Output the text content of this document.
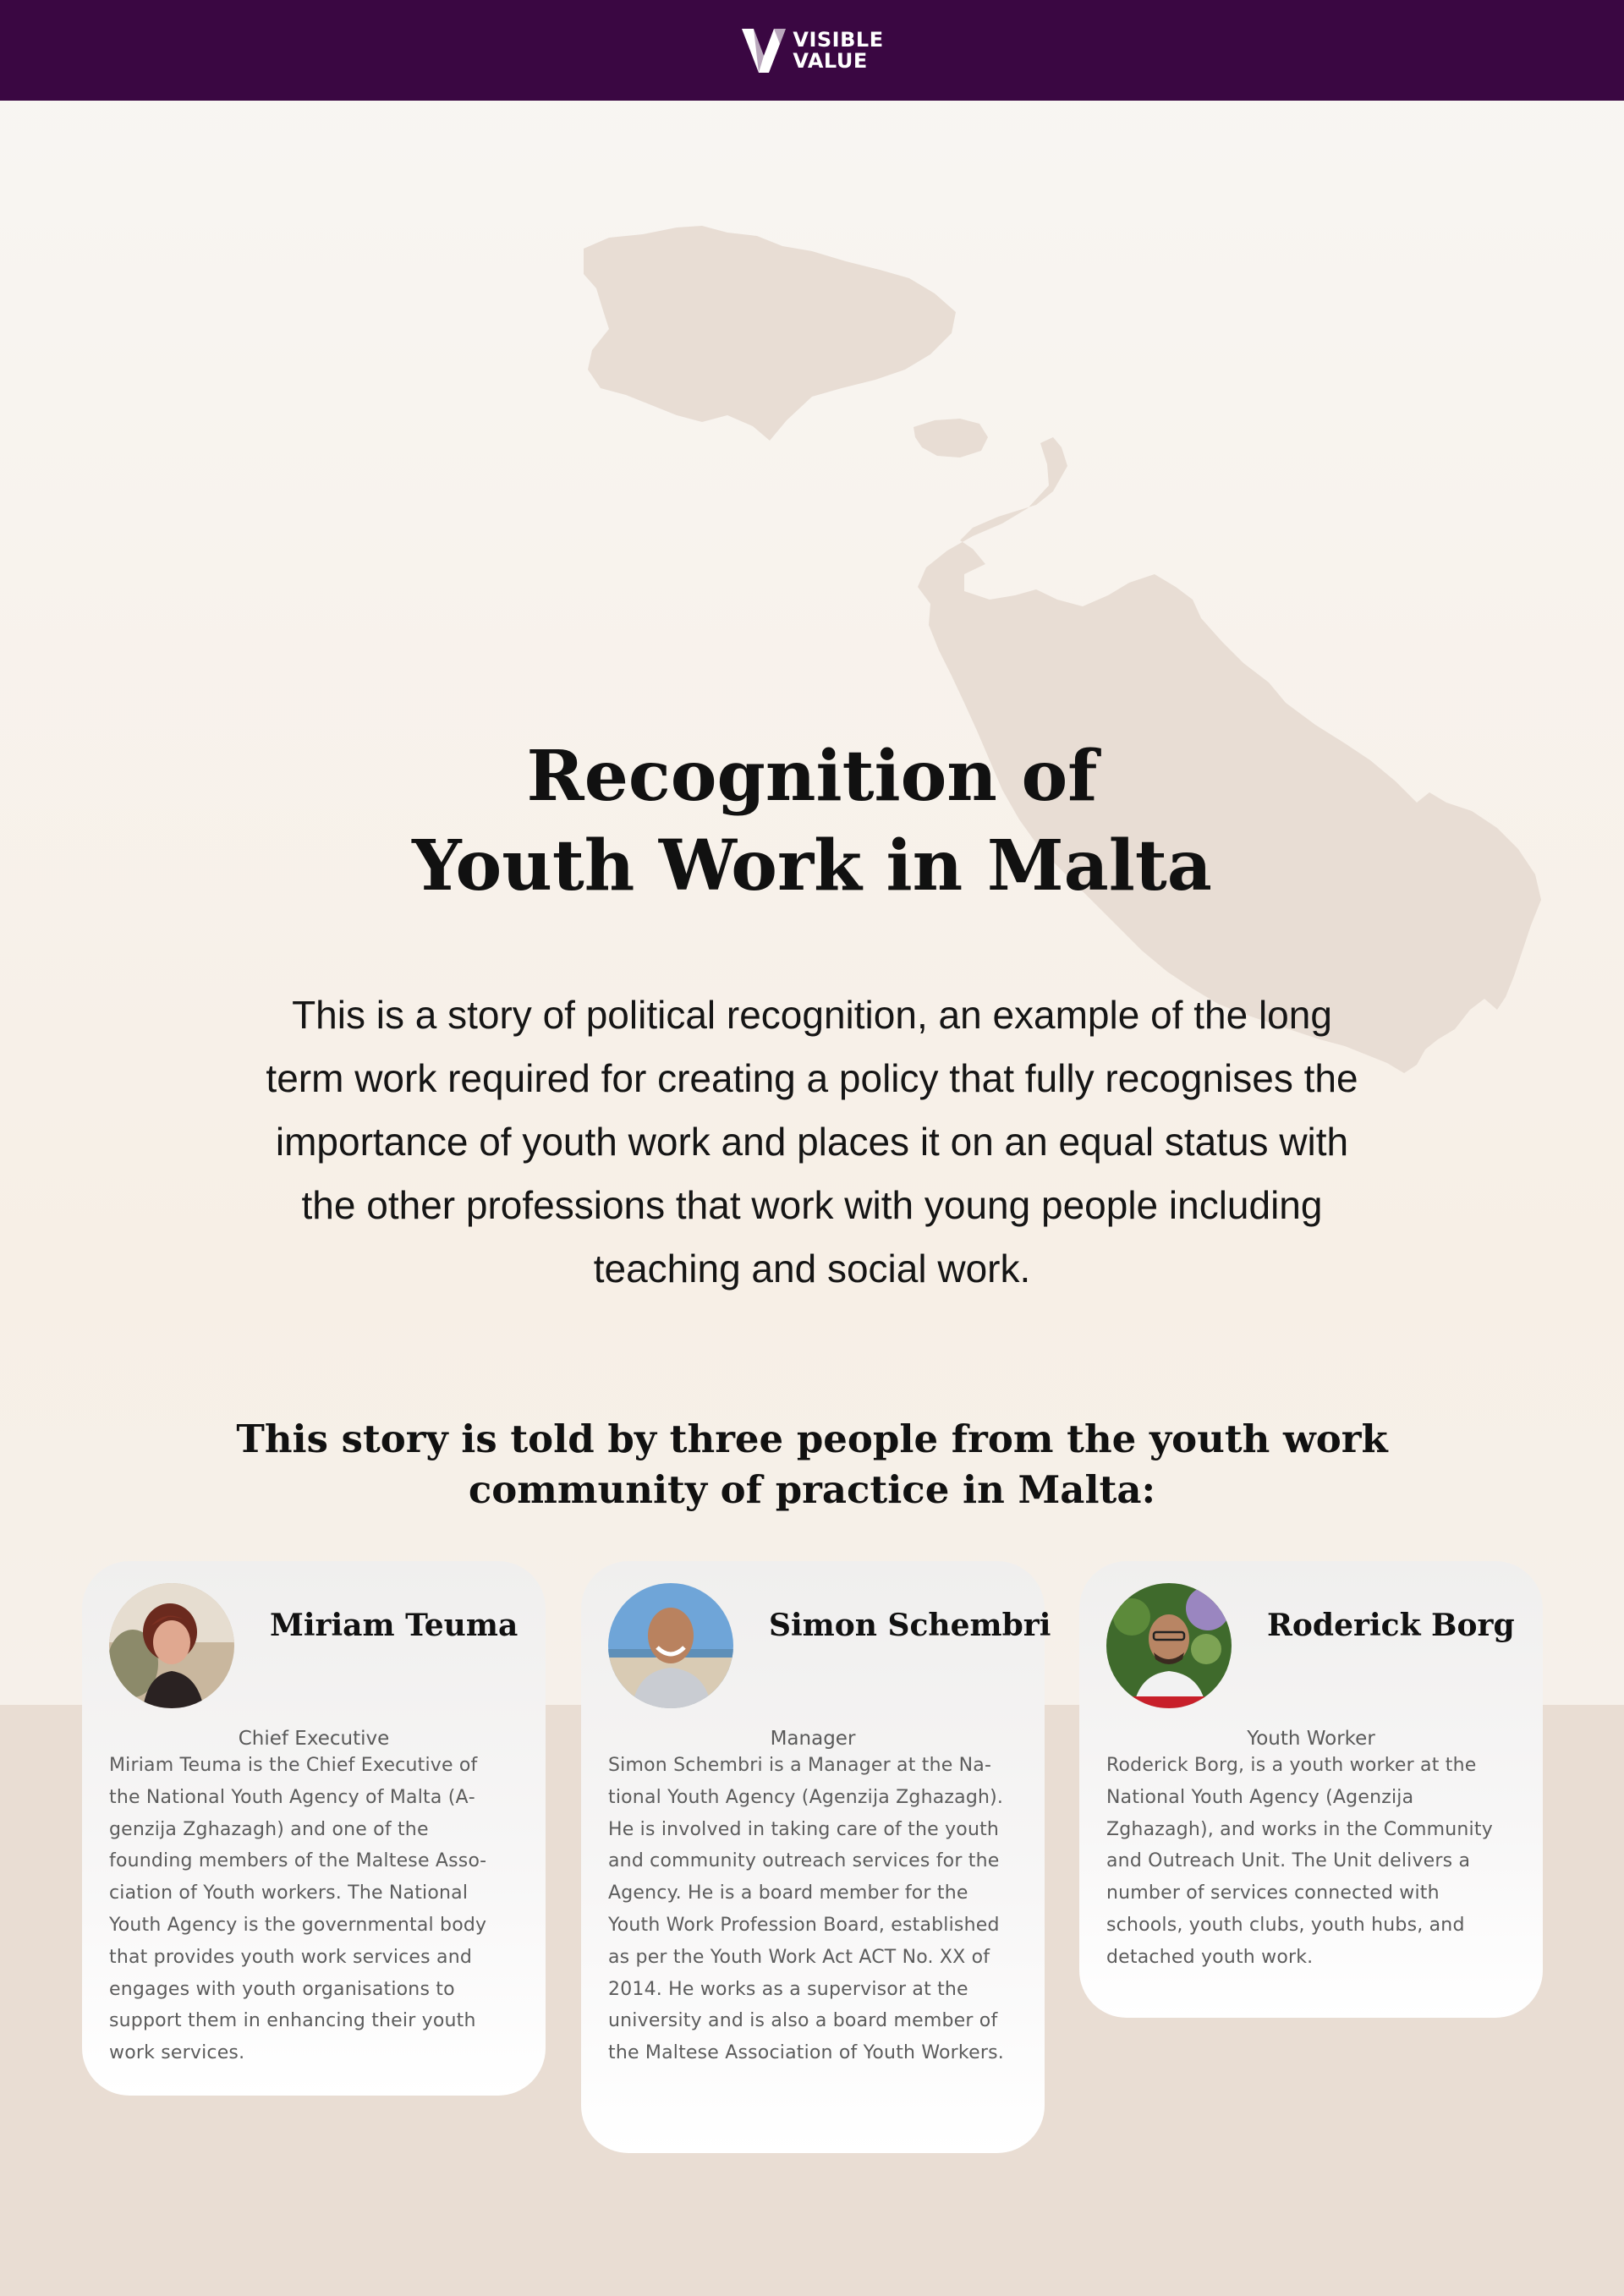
VISIBLE
VALUE
Recognition of
Youth Work in Malta

This is a story of political recognition, an example of the long term work required for creating a policy that fully recognises the importance of youth work and places it on an equal status with the other professions that work with young people including teaching and social work.

This story is told by three people from the youth work community of practice in Malta:
Miriam Teuma
Chief Executive

Miriam Teuma is the Chief Executive of the National Youth Agency of Malta (Agenzija Zghazagh) and one of the founding members of the Maltese Association of Youth workers. The National Youth Agency is the governmental body that provides youth work services and engages with youth organisations to support them in enhancing their youth work services.

Simon Schembri
Manager

Simon Schembri is a Manager at the National Youth Agency (Agenzija Zghazagh). He is involved in taking care of the youth and community outreach services for the Agency. He is a board member for the Youth Work Profession Board, established as per the Youth Work Act ACT No. XX of 2014. He works as a supervisor at the university and is also a board member of the Maltese Association of Youth Workers.

Roderick Borg
Youth Worker

Roderick Borg, is a youth worker at the National Youth Agency (Agenzija Zghazagh), and works in the Community and Outreach Unit. The Unit delivers a number of services connected with schools, youth clubs, youth hubs, and detached youth work.
